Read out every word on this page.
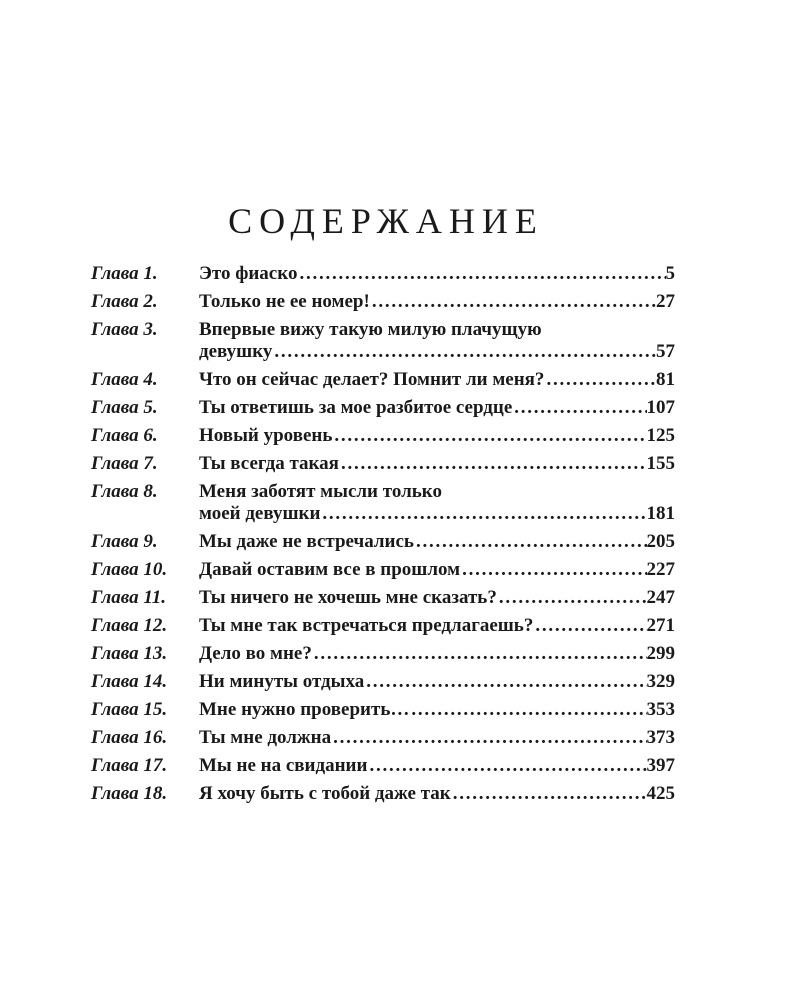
СОДЕРЖАНИЕ
Глава 1.	Это фиаско . . .	5
Глава 2.	Только не ее номер! . . .	27
Глава 3.	Впервые вижу такую милую плачущую
девушку . . .	57
Глава 4.	Что он сейчас делает? Помнит ли меня? . . .	81
Глава 5.	Ты ответишь за мое разбитое сердце . . .	107
Глава 6.	Новый уровень . . .	125
Глава 7.	Ты всегда такая . . .	155
Глава 8.	Меня заботят мысли только
моей девушки . . .	181
Глава 9.	Мы даже не встречались . . .	205
Глава 10.	Давай оставим все в прошлом . . .	227
Глава 11.	Ты ничего не хочешь мне сказать? . . .	247
Глава 12.	Ты мне так встречаться предлагаешь? . . .	271
Глава 13.	Дело во мне? . . .	299
Глава 14.	Ни минуты отдыха . . .	329
Глава 15.	Мне нужно проверить… . . .	353
Глава 16.	Ты мне должна . . .	373
Глава 17.	Мы не на свидании . . .	397
Глава 18.	Я хочу быть с тобой даже так . . .	425
